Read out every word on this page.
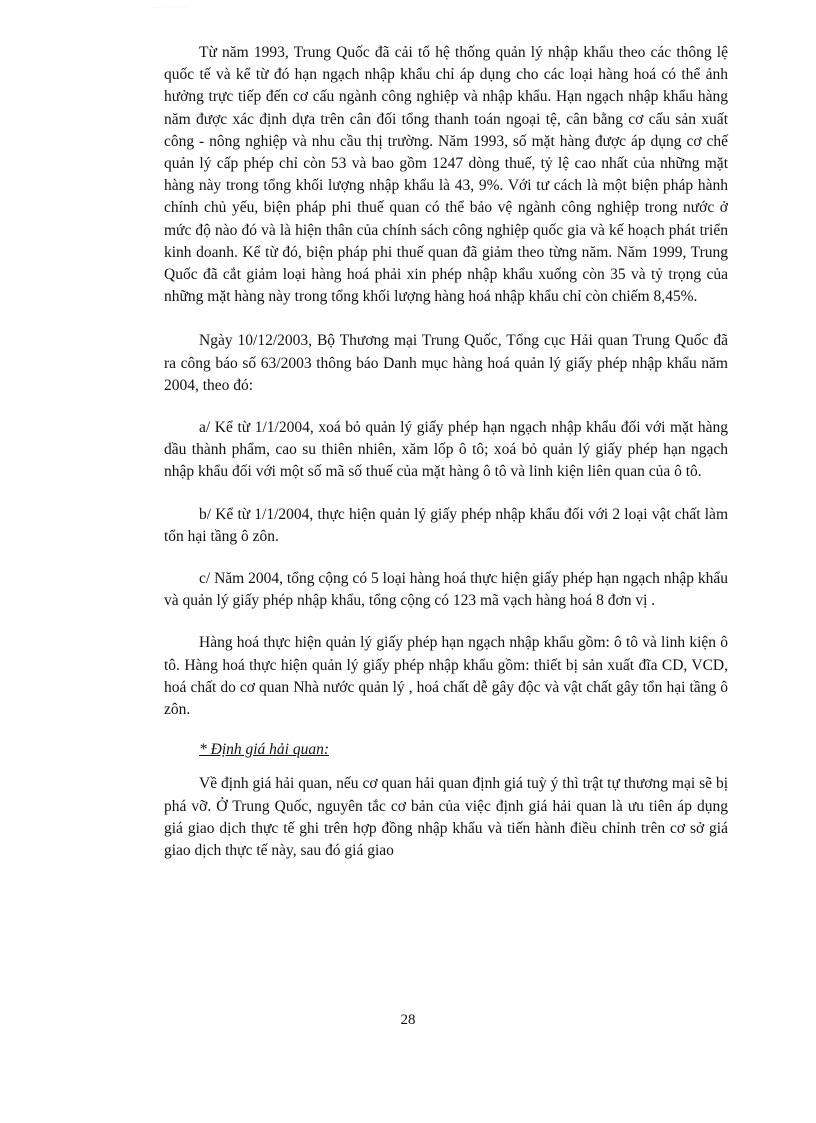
····· ····· ·· ··

Từ năm 1993, Trung Quốc đã cải tổ hệ thống quản lý nhập khẩu theo các thông lệ quốc tế và kể từ đó hạn ngạch nhập khẩu chỉ áp dụng cho các loại hàng hoá có thể ảnh hưởng trực tiếp đến cơ cấu ngành công nghiệp và nhập khẩu. Hạn ngạch nhập khẩu hàng năm được xác định dựa trên cân đối tổng thanh toán ngoại tệ, cân bằng cơ cấu sản xuất công - nông nghiệp và nhu cầu thị trường. Năm 1993, số mặt hàng được áp dụng cơ chế quản lý cấp phép chỉ còn 53 và bao gồm 1247 dòng thuế, tỷ lệ cao nhất của những mặt hàng này trong tổng khối lượng nhập khẩu là 43, 9%. Với tư cách là một biện pháp hành chính chủ yếu, biện pháp phi thuế quan có thể bảo vệ ngành công nghiệp trong nước ở mức độ nào đó và là hiện thân của chính sách công nghiệp quốc gia và kế hoạch phát triển kinh doanh. Kể từ đó, biện pháp phi thuế quan đã giảm theo từng năm. Năm 1999, Trung Quốc đã cắt giảm loại hàng hoá phải xin phép nhập khẩu xuống còn 35 và tỷ trọng của những mặt hàng này trong tổng khối lượng hàng hoá nhập khẩu chỉ còn chiếm 8,45%.

Ngày 10/12/2003, Bộ Thương mại Trung Quốc, Tổng cục Hải quan Trung Quốc đã ra công báo số 63/2003 thông báo Danh mục hàng hoá quản lý giấy phép nhập khẩu năm 2004, theo đó:

a/ Kể từ 1/1/2004, xoá bỏ quản lý giấy phép hạn ngạch nhập khẩu đối với mặt hàng dầu thành phẩm, cao su thiên nhiên, xăm lốp ô tô; xoá bỏ quản lý giấy phép hạn ngạch nhập khẩu đối với một số mã số thuế của mặt hàng ô tô và linh kiện liên quan của ô tô.

b/ Kể từ 1/1/2004, thực hiện quản lý giấy phép nhập khẩu đối với 2 loại vật chất làm tổn hại tầng ô zôn.

c/ Năm 2004, tổng cộng có 5 loại hàng hoá thực hiện giấy phép hạn ngạch nhập khẩu và quản lý giấy phép nhập khẩu, tổng cộng có 123 mã vạch hàng hoá 8 đơn vị .

Hàng hoá thực hiện quản lý giấy phép hạn ngạch nhập khẩu gồm: ô tô và linh kiện ô tô. Hàng hoá thực hiện quản lý giấy phép nhập khẩu gồm: thiết bị sản xuất đĩa CD, VCD, hoá chất do cơ quan Nhà nước quản lý , hoá chất dễ gây độc và vật chất gây tổn hại tầng ô zôn.

* Định giá hải quan:

Về định giá hải quan, nếu cơ quan hải quan định giá tuỳ ý thì trật tự thương mại sẽ bị phá vỡ. Ở Trung Quốc, nguyên tắc cơ bản của việc định giá hải quan là ưu tiên áp dụng giá giao dịch thực tế ghi trên hợp đồng nhập khẩu và tiến hành điều chỉnh trên cơ sở giá giao dịch thực tế này, sau đó giá giao

28
